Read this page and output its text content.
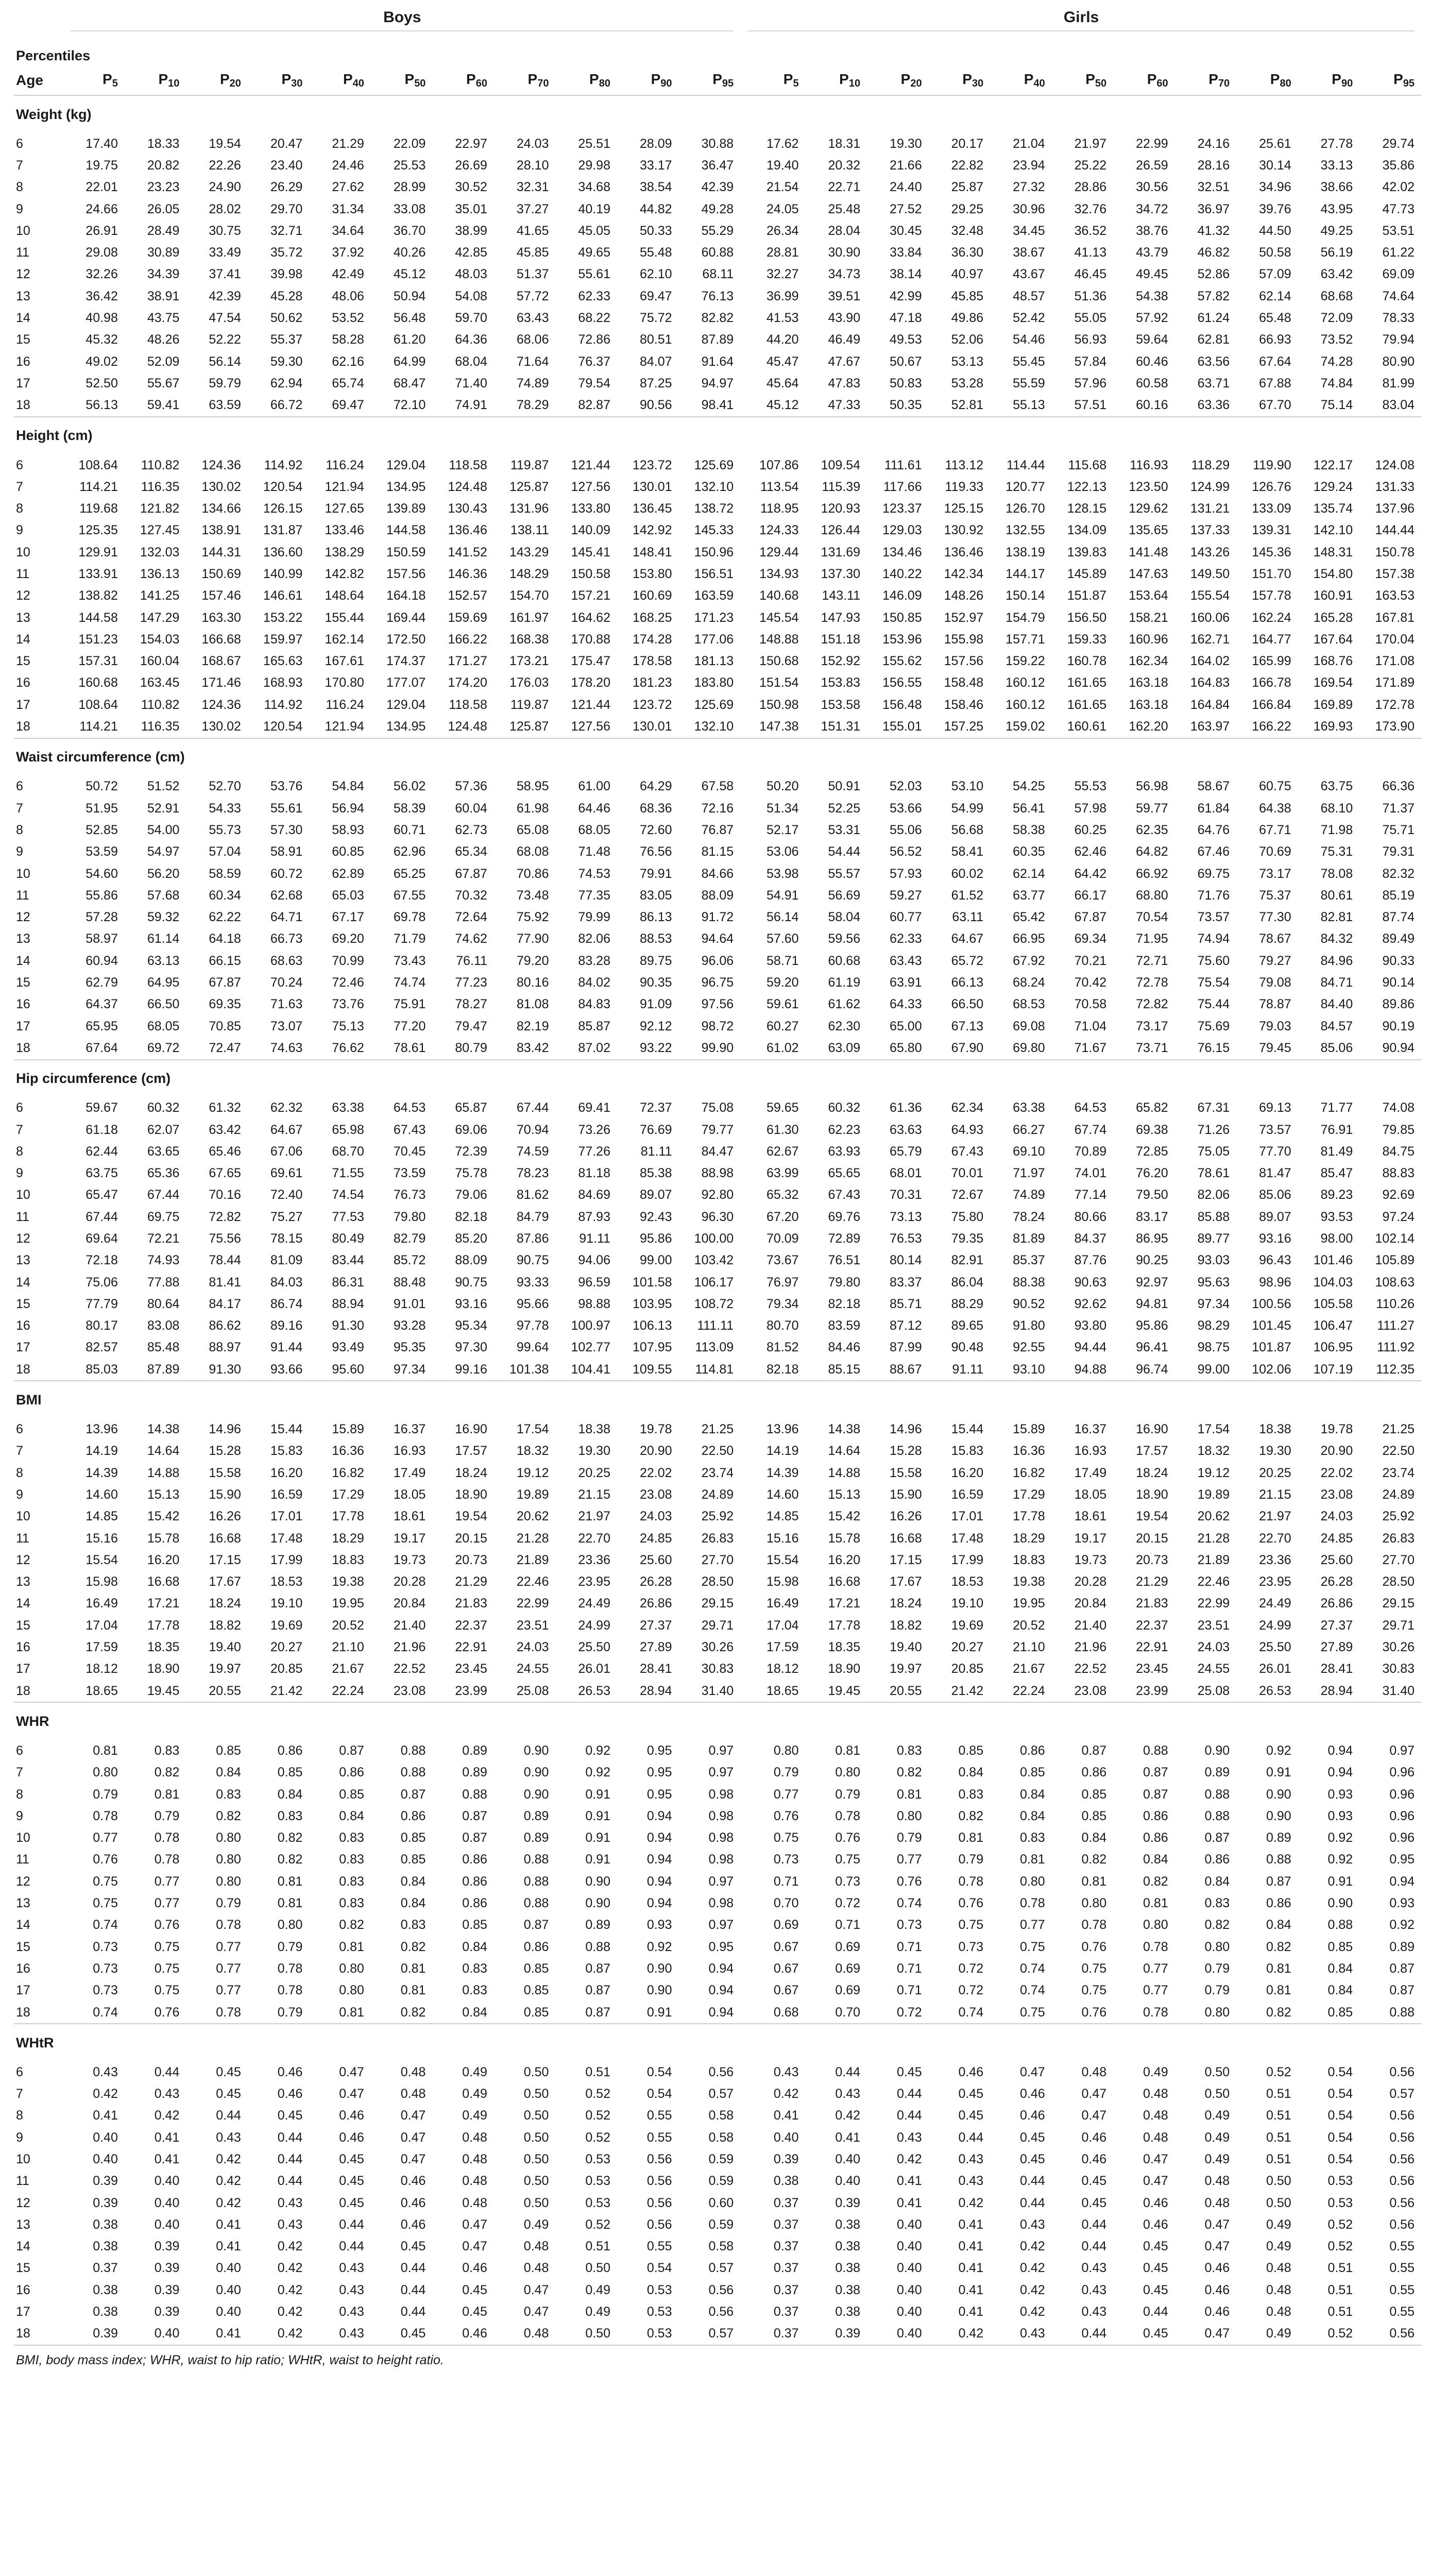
	Boys											Girls										

Percentiles																						
Age	$P_5$	$P_{10}$	$P_{20}$	$P_{30}$	$P_{40}$	$P_{50}$	$P_{60}$	$P_{70}$	$P_{80}$	$P_{90}$	$P_{95}$	$P_5$	$P_{10}$	$P_{20}$	$P_{30}$	$P_{40}$	$P_{50}$	$P_{60}$	$P_{70}$	$P_{80}$	$P_{90}$	$P_{95}$
Weight (kg)																						
6	17.40	18.33	19.54	20.47	21.29	22.09	22.97	24.03	25.51	28.09	30.88	17.62	18.31	19.30	20.17	21.04	21.97	22.99	24.16	25.61	27.78	29.74
7	19.75	20.82	22.26	23.40	24.46	25.53	26.69	28.10	29.98	33.17	36.47	19.40	20.32	21.66	22.82	23.94	25.22	26.59	28.16	30.14	33.13	35.86
8	22.01	23.23	24.90	26.29	27.62	28.99	30.52	32.31	34.68	38.54	42.39	21.54	22.71	24.40	25.87	27.32	28.86	30.56	32.51	34.96	38.66	42.02
9	24.66	26.05	28.02	29.70	31.34	33.08	35.01	37.27	40.19	44.82	49.28	24.05	25.48	27.52	29.25	30.96	32.76	34.72	36.97	39.76	43.95	47.73
10	26.91	28.49	30.75	32.71	34.64	36.70	38.99	41.65	45.05	50.33	55.29	26.34	28.04	30.45	32.48	34.45	36.52	38.76	41.32	44.50	49.25	53.51
11	29.08	30.89	33.49	35.72	37.92	40.26	42.85	45.85	49.65	55.48	60.88	28.81	30.90	33.84	36.30	38.67	41.13	43.79	46.82	50.58	56.19	61.22
12	32.26	34.39	37.41	39.98	42.49	45.12	48.03	51.37	55.61	62.10	68.11	32.27	34.73	38.14	40.97	43.67	46.45	49.45	52.86	57.09	63.42	69.09
13	36.42	38.91	42.39	45.28	48.06	50.94	54.08	57.72	62.33	69.47	76.13	36.99	39.51	42.99	45.85	48.57	51.36	54.38	57.82	62.14	68.68	74.64
14	40.98	43.75	47.54	50.62	53.52	56.48	59.70	63.43	68.22	75.72	82.82	41.53	43.90	47.18	49.86	52.42	55.05	57.92	61.24	65.48	72.09	78.33
15	45.32	48.26	52.22	55.37	58.28	61.20	64.36	68.06	72.86	80.51	87.89	44.20	46.49	49.53	52.06	54.46	56.93	59.64	62.81	66.93	73.52	79.94
16	49.02	52.09	56.14	59.30	62.16	64.99	68.04	71.64	76.37	84.07	91.64	45.47	47.67	50.67	53.13	55.45	57.84	60.46	63.56	67.64	74.28	80.90
17	52.50	55.67	59.79	62.94	65.74	68.47	71.40	74.89	79.54	87.25	94.97	45.64	47.83	50.83	53.28	55.59	57.96	60.58	63.71	67.88	74.84	81.99
18	56.13	59.41	63.59	66.72	69.47	72.10	74.91	78.29	82.87	90.56	98.41	45.12	47.33	50.35	52.81	55.13	57.51	60.16	63.36	67.70	75.14	83.04
Height (cm)																						
6	108.64	110.82	124.36	114.92	116.24	129.04	118.58	119.87	121.44	123.72	125.69	107.86	109.54	111.61	113.12	114.44	115.68	116.93	118.29	119.90	122.17	124.08
7	114.21	116.35	130.02	120.54	121.94	134.95	124.48	125.87	127.56	130.01	132.10	113.54	115.39	117.66	119.33	120.77	122.13	123.50	124.99	126.76	129.24	131.33
8	119.68	121.82	134.66	126.15	127.65	139.89	130.43	131.96	133.80	136.45	138.72	118.95	120.93	123.37	125.15	126.70	128.15	129.62	131.21	133.09	135.74	137.96
9	125.35	127.45	138.91	131.87	133.46	144.58	136.46	138.11	140.09	142.92	145.33	124.33	126.44	129.03	130.92	132.55	134.09	135.65	137.33	139.31	142.10	144.44
10	129.91	132.03	144.31	136.60	138.29	150.59	141.52	143.29	145.41	148.41	150.96	129.44	131.69	134.46	136.46	138.19	139.83	141.48	143.26	145.36	148.31	150.78
11	133.91	136.13	150.69	140.99	142.82	157.56	146.36	148.29	150.58	153.80	156.51	134.93	137.30	140.22	142.34	144.17	145.89	147.63	149.50	151.70	154.80	157.38
12	138.82	141.25	157.46	146.61	148.64	164.18	152.57	154.70	157.21	160.69	163.59	140.68	143.11	146.09	148.26	150.14	151.87	153.64	155.54	157.78	160.91	163.53
13	144.58	147.29	163.30	153.22	155.44	169.44	159.69	161.97	164.62	168.25	171.23	145.54	147.93	150.85	152.97	154.79	156.50	158.21	160.06	162.24	165.28	167.81
14	151.23	154.03	166.68	159.97	162.14	172.50	166.22	168.38	170.88	174.28	177.06	148.88	151.18	153.96	155.98	157.71	159.33	160.96	162.71	164.77	167.64	170.04
15	157.31	160.04	168.67	165.63	167.61	174.37	171.27	173.21	175.47	178.58	181.13	150.68	152.92	155.62	157.56	159.22	160.78	162.34	164.02	165.99	168.76	171.08
16	160.68	163.45	171.46	168.93	170.80	177.07	174.20	176.03	178.20	181.23	183.80	151.54	153.83	156.55	158.48	160.12	161.65	163.18	164.83	166.78	169.54	171.89
17	108.64	110.82	124.36	114.92	116.24	129.04	118.58	119.87	121.44	123.72	125.69	150.98	153.58	156.48	158.46	160.12	161.65	163.18	164.84	166.84	169.89	172.78
18	114.21	116.35	130.02	120.54	121.94	134.95	124.48	125.87	127.56	130.01	132.10	147.38	151.31	155.01	157.25	159.02	160.61	162.20	163.97	166.22	169.93	173.90
Waist circumference (cm)																						
6	50.72	51.52	52.70	53.76	54.84	56.02	57.36	58.95	61.00	64.29	67.58	50.20	50.91	52.03	53.10	54.25	55.53	56.98	58.67	60.75	63.75	66.36
7	51.95	52.91	54.33	55.61	56.94	58.39	60.04	61.98	64.46	68.36	72.16	51.34	52.25	53.66	54.99	56.41	57.98	59.77	61.84	64.38	68.10	71.37
8	52.85	54.00	55.73	57.30	58.93	60.71	62.73	65.08	68.05	72.60	76.87	52.17	53.31	55.06	56.68	58.38	60.25	62.35	64.76	67.71	71.98	75.71
9	53.59	54.97	57.04	58.91	60.85	62.96	65.34	68.08	71.48	76.56	81.15	53.06	54.44	56.52	58.41	60.35	62.46	64.82	67.46	70.69	75.31	79.31
10	54.60	56.20	58.59	60.72	62.89	65.25	67.87	70.86	74.53	79.91	84.66	53.98	55.57	57.93	60.02	62.14	64.42	66.92	69.75	73.17	78.08	82.32
11	55.86	57.68	60.34	62.68	65.03	67.55	70.32	73.48	77.35	83.05	88.09	54.91	56.69	59.27	61.52	63.77	66.17	68.80	71.76	75.37	80.61	85.19
12	57.28	59.32	62.22	64.71	67.17	69.78	72.64	75.92	79.99	86.13	91.72	56.14	58.04	60.77	63.11	65.42	67.87	70.54	73.57	77.30	82.81	87.74
13	58.97	61.14	64.18	66.73	69.20	71.79	74.62	77.90	82.06	88.53	94.64	57.60	59.56	62.33	64.67	66.95	69.34	71.95	74.94	78.67	84.32	89.49
14	60.94	63.13	66.15	68.63	70.99	73.43	76.11	79.20	83.28	89.75	96.06	58.71	60.68	63.43	65.72	67.92	70.21	72.71	75.60	79.27	84.96	90.33
15	62.79	64.95	67.87	70.24	72.46	74.74	77.23	80.16	84.02	90.35	96.75	59.20	61.19	63.91	66.13	68.24	70.42	72.78	75.54	79.08	84.71	90.14
16	64.37	66.50	69.35	71.63	73.76	75.91	78.27	81.08	84.83	91.09	97.56	59.61	61.62	64.33	66.50	68.53	70.58	72.82	75.44	78.87	84.40	89.86
17	65.95	68.05	70.85	73.07	75.13	77.20	79.47	82.19	85.87	92.12	98.72	60.27	62.30	65.00	67.13	69.08	71.04	73.17	75.69	79.03	84.57	90.19
18	67.64	69.72	72.47	74.63	76.62	78.61	80.79	83.42	87.02	93.22	99.90	61.02	63.09	65.80	67.90	69.80	71.67	73.71	76.15	79.45	85.06	90.94
Hip circumference (cm)																						
6	59.67	60.32	61.32	62.32	63.38	64.53	65.87	67.44	69.41	72.37	75.08	59.65	60.32	61.36	62.34	63.38	64.53	65.82	67.31	69.13	71.77	74.08
7	61.18	62.07	63.42	64.67	65.98	67.43	69.06	70.94	73.26	76.69	79.77	61.30	62.23	63.63	64.93	66.27	67.74	69.38	71.26	73.57	76.91	79.85
8	62.44	63.65	65.46	67.06	68.70	70.45	72.39	74.59	77.26	81.11	84.47	62.67	63.93	65.79	67.43	69.10	70.89	72.85	75.05	77.70	81.49	84.75
9	63.75	65.36	67.65	69.61	71.55	73.59	75.78	78.23	81.18	85.38	88.98	63.99	65.65	68.01	70.01	71.97	74.01	76.20	78.61	81.47	85.47	88.83
10	65.47	67.44	70.16	72.40	74.54	76.73	79.06	81.62	84.69	89.07	92.80	65.32	67.43	70.31	72.67	74.89	77.14	79.50	82.06	85.06	89.23	92.69
11	67.44	69.75	72.82	75.27	77.53	79.80	82.18	84.79	87.93	92.43	96.30	67.20	69.76	73.13	75.80	78.24	80.66	83.17	85.88	89.07	93.53	97.24
12	69.64	72.21	75.56	78.15	80.49	82.79	85.20	87.86	91.11	95.86	100.00	70.09	72.89	76.53	79.35	81.89	84.37	86.95	89.77	93.16	98.00	102.14
13	72.18	74.93	78.44	81.09	83.44	85.72	88.09	90.75	94.06	99.00	103.42	73.67	76.51	80.14	82.91	85.37	87.76	90.25	93.03	96.43	101.46	105.89
14	75.06	77.88	81.41	84.03	86.31	88.48	90.75	93.33	96.59	101.58	106.17	76.97	79.80	83.37	86.04	88.38	90.63	92.97	95.63	98.96	104.03	108.63
15	77.79	80.64	84.17	86.74	88.94	91.01	93.16	95.66	98.88	103.95	108.72	79.34	82.18	85.71	88.29	90.52	92.62	94.81	97.34	100.56	105.58	110.26
16	80.17	83.08	86.62	89.16	91.30	93.28	95.34	97.78	100.97	106.13	111.11	80.70	83.59	87.12	89.65	91.80	93.80	95.86	98.29	101.45	106.47	111.27
17	82.57	85.48	88.97	91.44	93.49	95.35	97.30	99.64	102.77	107.95	113.09	81.52	84.46	87.99	90.48	92.55	94.44	96.41	98.75	101.87	106.95	111.92
18	85.03	87.89	91.30	93.66	95.60	97.34	99.16	101.38	104.41	109.55	114.81	82.18	85.15	88.67	91.11	93.10	94.88	96.74	99.00	102.06	107.19	112.35
BMI																						
6	13.96	14.38	14.96	15.44	15.89	16.37	16.90	17.54	18.38	19.78	21.25	13.96	14.38	14.96	15.44	15.89	16.37	16.90	17.54	18.38	19.78	21.25
7	14.19	14.64	15.28	15.83	16.36	16.93	17.57	18.32	19.30	20.90	22.50	14.19	14.64	15.28	15.83	16.36	16.93	17.57	18.32	19.30	20.90	22.50
8	14.39	14.88	15.58	16.20	16.82	17.49	18.24	19.12	20.25	22.02	23.74	14.39	14.88	15.58	16.20	16.82	17.49	18.24	19.12	20.25	22.02	23.74
9	14.60	15.13	15.90	16.59	17.29	18.05	18.90	19.89	21.15	23.08	24.89	14.60	15.13	15.90	16.59	17.29	18.05	18.90	19.89	21.15	23.08	24.89
10	14.85	15.42	16.26	17.01	17.78	18.61	19.54	20.62	21.97	24.03	25.92	14.85	15.42	16.26	17.01	17.78	18.61	19.54	20.62	21.97	24.03	25.92
11	15.16	15.78	16.68	17.48	18.29	19.17	20.15	21.28	22.70	24.85	26.83	15.16	15.78	16.68	17.48	18.29	19.17	20.15	21.28	22.70	24.85	26.83
12	15.54	16.20	17.15	17.99	18.83	19.73	20.73	21.89	23.36	25.60	27.70	15.54	16.20	17.15	17.99	18.83	19.73	20.73	21.89	23.36	25.60	27.70
13	15.98	16.68	17.67	18.53	19.38	20.28	21.29	22.46	23.95	26.28	28.50	15.98	16.68	17.67	18.53	19.38	20.28	21.29	22.46	23.95	26.28	28.50
14	16.49	17.21	18.24	19.10	19.95	20.84	21.83	22.99	24.49	26.86	29.15	16.49	17.21	18.24	19.10	19.95	20.84	21.83	22.99	24.49	26.86	29.15
15	17.04	17.78	18.82	19.69	20.52	21.40	22.37	23.51	24.99	27.37	29.71	17.04	17.78	18.82	19.69	20.52	21.40	22.37	23.51	24.99	27.37	29.71
16	17.59	18.35	19.40	20.27	21.10	21.96	22.91	24.03	25.50	27.89	30.26	17.59	18.35	19.40	20.27	21.10	21.96	22.91	24.03	25.50	27.89	30.26
17	18.12	18.90	19.97	20.85	21.67	22.52	23.45	24.55	26.01	28.41	30.83	18.12	18.90	19.97	20.85	21.67	22.52	23.45	24.55	26.01	28.41	30.83
18	18.65	19.45	20.55	21.42	22.24	23.08	23.99	25.08	26.53	28.94	31.40	18.65	19.45	20.55	21.42	22.24	23.08	23.99	25.08	26.53	28.94	31.40
WHR																						
6	0.81	0.83	0.85	0.86	0.87	0.88	0.89	0.90	0.92	0.95	0.97	0.80	0.81	0.83	0.85	0.86	0.87	0.88	0.90	0.92	0.94	0.97
7	0.80	0.82	0.84	0.85	0.86	0.88	0.89	0.90	0.92	0.95	0.97	0.79	0.80	0.82	0.84	0.85	0.86	0.87	0.89	0.91	0.94	0.96
8	0.79	0.81	0.83	0.84	0.85	0.87	0.88	0.90	0.91	0.95	0.98	0.77	0.79	0.81	0.83	0.84	0.85	0.87	0.88	0.90	0.93	0.96
9	0.78	0.79	0.82	0.83	0.84	0.86	0.87	0.89	0.91	0.94	0.98	0.76	0.78	0.80	0.82	0.84	0.85	0.86	0.88	0.90	0.93	0.96
10	0.77	0.78	0.80	0.82	0.83	0.85	0.87	0.89	0.91	0.94	0.98	0.75	0.76	0.79	0.81	0.83	0.84	0.86	0.87	0.89	0.92	0.96
11	0.76	0.78	0.80	0.82	0.83	0.85	0.86	0.88	0.91	0.94	0.98	0.73	0.75	0.77	0.79	0.81	0.82	0.84	0.86	0.88	0.92	0.95
12	0.75	0.77	0.80	0.81	0.83	0.84	0.86	0.88	0.90	0.94	0.97	0.71	0.73	0.76	0.78	0.80	0.81	0.82	0.84	0.87	0.91	0.94
13	0.75	0.77	0.79	0.81	0.83	0.84	0.86	0.88	0.90	0.94	0.98	0.70	0.72	0.74	0.76	0.78	0.80	0.81	0.83	0.86	0.90	0.93
14	0.74	0.76	0.78	0.80	0.82	0.83	0.85	0.87	0.89	0.93	0.97	0.69	0.71	0.73	0.75	0.77	0.78	0.80	0.82	0.84	0.88	0.92
15	0.73	0.75	0.77	0.79	0.81	0.82	0.84	0.86	0.88	0.92	0.95	0.67	0.69	0.71	0.73	0.75	0.76	0.78	0.80	0.82	0.85	0.89
16	0.73	0.75	0.77	0.78	0.80	0.81	0.83	0.85	0.87	0.90	0.94	0.67	0.69	0.71	0.72	0.74	0.75	0.77	0.79	0.81	0.84	0.87
17	0.73	0.75	0.77	0.78	0.80	0.81	0.83	0.85	0.87	0.90	0.94	0.67	0.69	0.71	0.72	0.74	0.75	0.77	0.79	0.81	0.84	0.87
18	0.74	0.76	0.78	0.79	0.81	0.82	0.84	0.85	0.87	0.91	0.94	0.68	0.70	0.72	0.74	0.75	0.76	0.78	0.80	0.82	0.85	0.88
WHtR																						
6	0.43	0.44	0.45	0.46	0.47	0.48	0.49	0.50	0.51	0.54	0.56	0.43	0.44	0.45	0.46	0.47	0.48	0.49	0.50	0.52	0.54	0.56
7	0.42	0.43	0.45	0.46	0.47	0.48	0.49	0.50	0.52	0.54	0.57	0.42	0.43	0.44	0.45	0.46	0.47	0.48	0.50	0.51	0.54	0.57
8	0.41	0.42	0.44	0.45	0.46	0.47	0.49	0.50	0.52	0.55	0.58	0.41	0.42	0.44	0.45	0.46	0.47	0.48	0.49	0.51	0.54	0.56
9	0.40	0.41	0.43	0.44	0.46	0.47	0.48	0.50	0.52	0.55	0.58	0.40	0.41	0.43	0.44	0.45	0.46	0.48	0.49	0.51	0.54	0.56
10	0.40	0.41	0.42	0.44	0.45	0.47	0.48	0.50	0.53	0.56	0.59	0.39	0.40	0.42	0.43	0.45	0.46	0.47	0.49	0.51	0.54	0.56
11	0.39	0.40	0.42	0.44	0.45	0.46	0.48	0.50	0.53	0.56	0.59	0.38	0.40	0.41	0.43	0.44	0.45	0.47	0.48	0.50	0.53	0.56
12	0.39	0.40	0.42	0.43	0.45	0.46	0.48	0.50	0.53	0.56	0.60	0.37	0.39	0.41	0.42	0.44	0.45	0.46	0.48	0.50	0.53	0.56
13	0.38	0.40	0.41	0.43	0.44	0.46	0.47	0.49	0.52	0.56	0.59	0.37	0.38	0.40	0.41	0.43	0.44	0.46	0.47	0.49	0.52	0.56
14	0.38	0.39	0.41	0.42	0.44	0.45	0.47	0.48	0.51	0.55	0.58	0.37	0.38	0.40	0.41	0.42	0.44	0.45	0.47	0.49	0.52	0.55
15	0.37	0.39	0.40	0.42	0.43	0.44	0.46	0.48	0.50	0.54	0.57	0.37	0.38	0.40	0.41	0.42	0.43	0.45	0.46	0.48	0.51	0.55
16	0.38	0.39	0.40	0.42	0.43	0.44	0.45	0.47	0.49	0.53	0.56	0.37	0.38	0.40	0.41	0.42	0.43	0.45	0.46	0.48	0.51	0.55
17	0.38	0.39	0.40	0.42	0.43	0.44	0.45	0.47	0.49	0.53	0.56	0.37	0.38	0.40	0.41	0.42	0.43	0.44	0.46	0.48	0.51	0.55
18	0.39	0.40	0.41	0.42	0.43	0.45	0.46	0.48	0.50	0.53	0.57	0.37	0.39	0.40	0.42	0.43	0.44	0.45	0.47	0.49	0.52	0.56
BMI, body mass index; WHR, waist to hip ratio; WHtR, waist to height ratio.																						
